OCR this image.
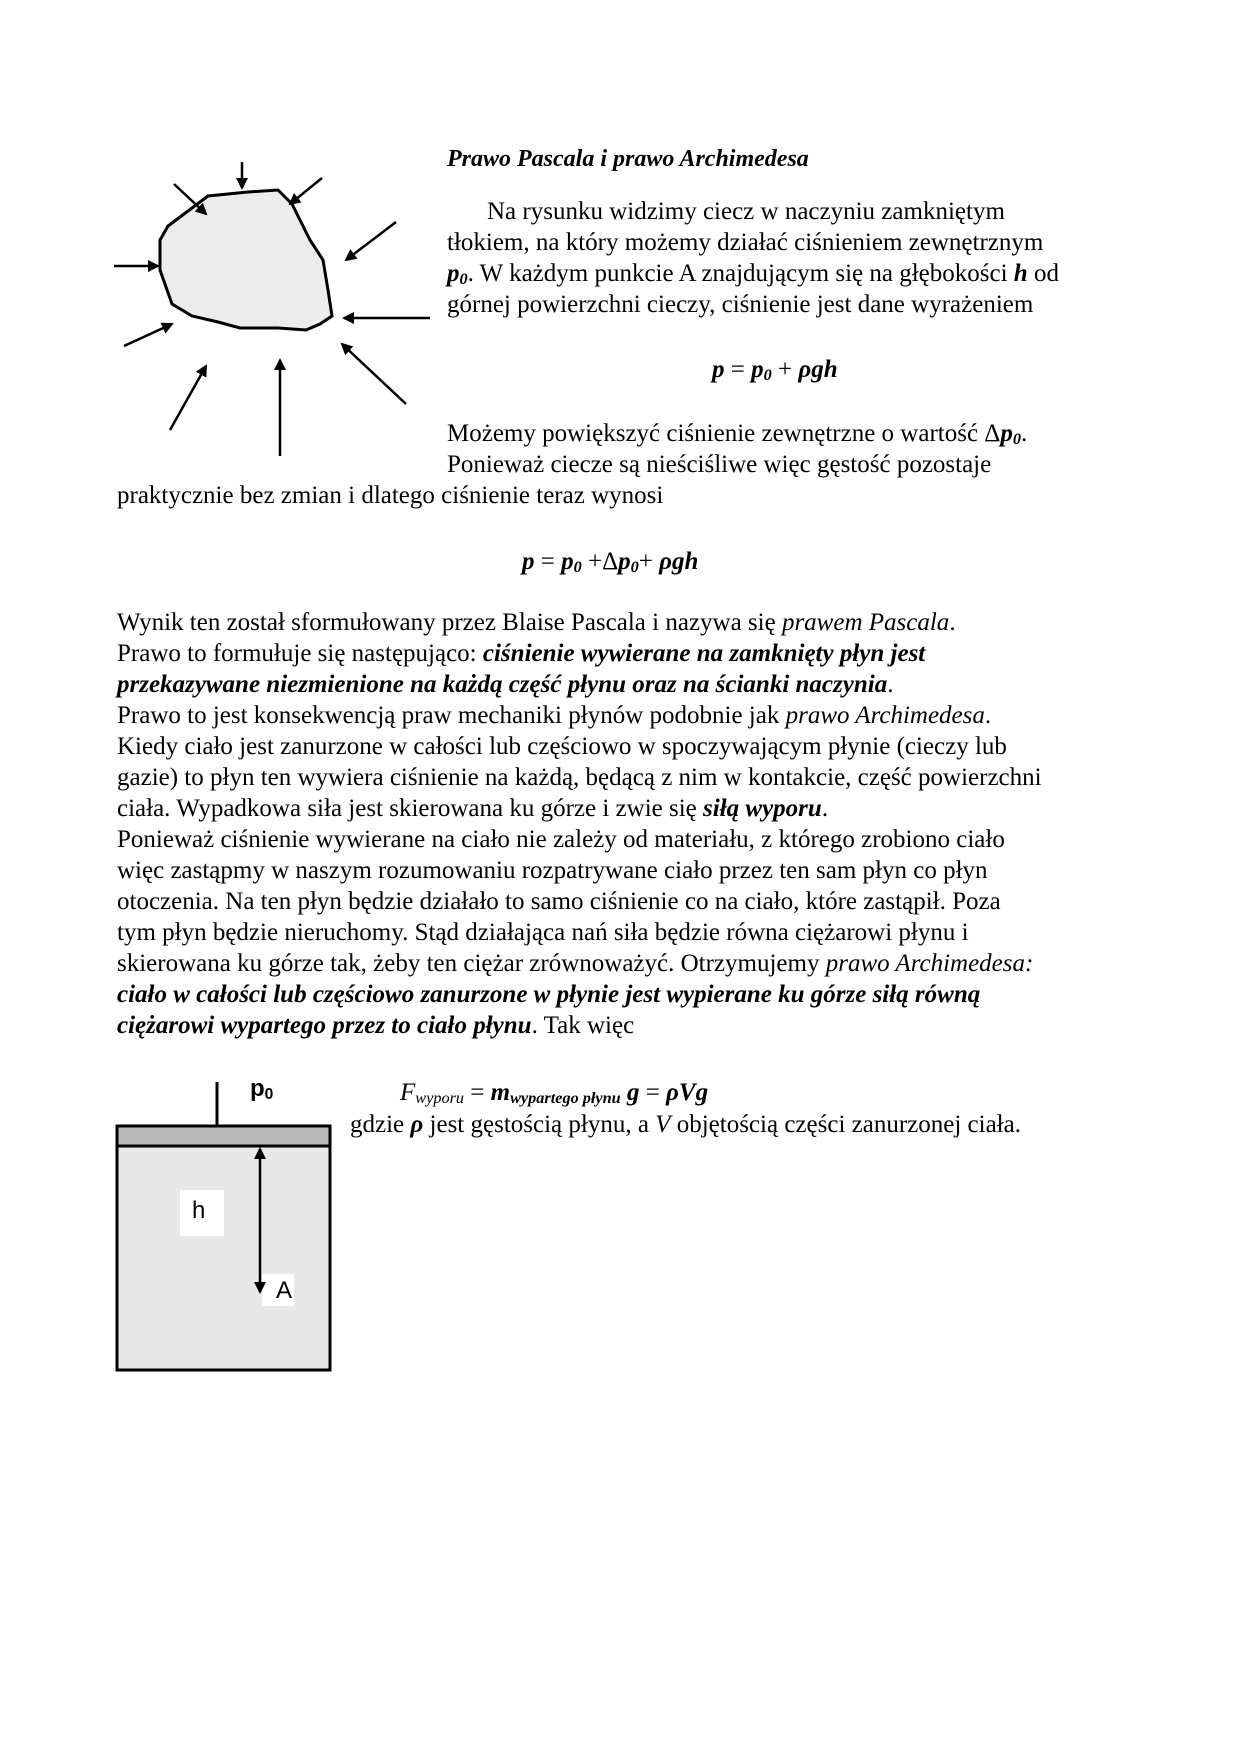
Prawo Pascala i prawo Archimedesa
Na rysunku widzimy ciecz w naczyniu zamkniętym
tłokiem, na który możemy działać ciśnieniem zewnętrznym
$p_0$. W każdym punkcie A znajdującym się na głębokości h od
górnej powierzchni cieczy, ciśnienie jest dane wyrażeniem
$p = p_0 + \rho gh$
Możemy powiększyć ciśnienie zewnętrzne o wartość $\Delta p_0$.
Ponieważ ciecze są nieściśliwe więc gęstość pozostaje
praktycznie bez zmian i dlatego ciśnienie teraz wynosi
$p = p_0 +\Delta p_0+ \rho gh$
Wynik ten został sformułowany przez Blaise Pascala i nazywa się prawem Pascala.
Prawo to formułuje się następująco: ciśnienie wywierane na zamknięty płyn jest
przekazywane niezmienione na każdą część płynu oraz na ścianki naczynia.
Prawo to jest konsekwencją praw mechaniki płynów podobnie jak prawo Archimedesa.
Kiedy ciało jest zanurzone w całości lub częściowo w spoczywającym płynie (cieczy lub
gazie) to płyn ten wywiera ciśnienie na każdą, będącą z nim w kontakcie, część powierzchni
ciała. Wypadkowa siła jest skierowana ku górze i zwie się siłą wyporu.
Ponieważ ciśnienie wywierane na ciało nie zależy od materiału, z którego zrobiono ciało
więc zastąpmy w naszym rozumowaniu rozpatrywane ciało przez ten sam płyn co płyn
otoczenia. Na ten płyn będzie działało to samo ciśnienie co na ciało, które zastąpił. Poza
tym płyn będzie nieruchomy. Stąd działająca nań siła będzie równa ciężarowi płynu i
skierowana ku górze tak, żeby ten ciężar zrównoważyć. Otrzymujemy prawo Archimedesa:
ciało w całości lub częściowo zanurzone w płynie jest wypierane ku górze siłą równą
ciężarowi wypartego przez to ciało płynu. Tak więc
$F_{wyporu} = m_{wypartego płynu}$ g = ρVg
gdzie ρ jest gęstością płynu, a V objętością części zanurzonej ciała.
$p_0$
h
A
